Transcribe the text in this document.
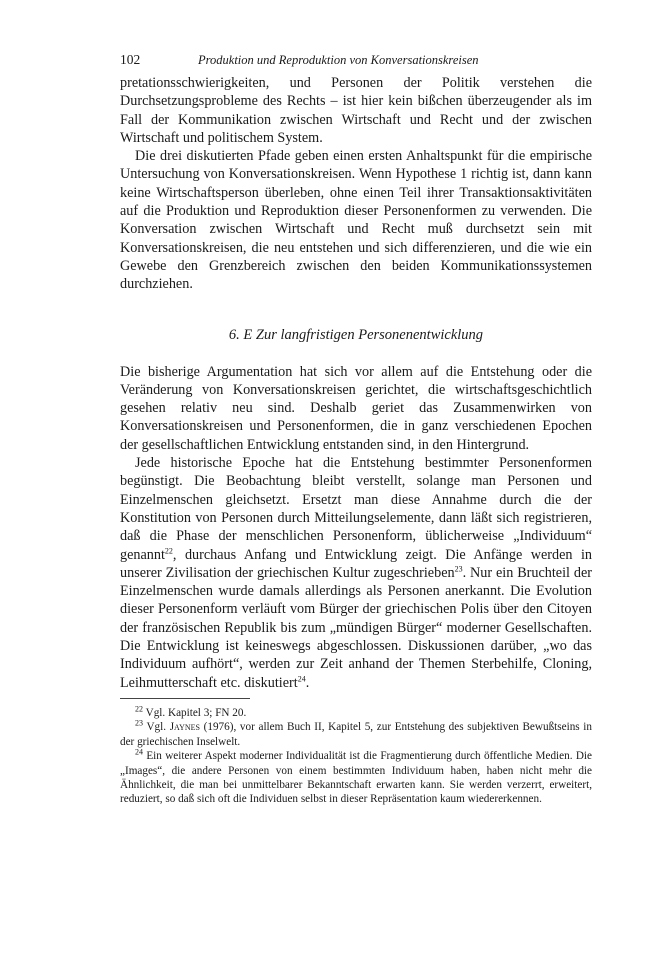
102	Produktion und Reproduktion von Konversationskreisen

pretationsschwierigkeiten, und Personen der Politik verstehen die Durchsetzungsprobleme des Rechts – ist hier kein bißchen überzeugender als im Fall der Kommunikation zwischen Wirtschaft und Recht und der zwischen Wirtschaft und politischem System.

Die drei diskutierten Pfade geben einen ersten Anhaltspunkt für die empirische Untersuchung von Konversationskreisen. Wenn Hypothese 1 richtig ist, dann kann keine Wirtschaftsperson überleben, ohne einen Teil ihrer Transaktionsaktivitäten auf die Produktion und Reproduktion dieser Personenformen zu verwenden. Die Konversation zwischen Wirtschaft und Recht muß durchsetzt sein mit Konversationskreisen, die neu entstehen und sich differenzieren, und die wie ein Gewebe den Grenzbereich zwischen den beiden Kommunikationssystemen durchziehen.

6. E Zur langfristigen Personenentwicklung

Die bisherige Argumentation hat sich vor allem auf die Entstehung oder die Veränderung von Konversationskreisen gerichtet, die wirtschaftsgeschichtlich gesehen relativ neu sind. Deshalb geriet das Zusammenwirken von Konversationskreisen und Personenformen, die in ganz verschiedenen Epochen der gesellschaftlichen Entwicklung entstanden sind, in den Hintergrund.

Jede historische Epoche hat die Entstehung bestimmter Personenformen begünstigt. Die Beobachtung bleibt verstellt, solange man Personen und Einzelmenschen gleichsetzt. Ersetzt man diese Annahme durch die der Konstitution von Personen durch Mitteilungselemente, dann läßt sich registrieren, daß die Phase der menschlichen Personenform, üblicherweise „Individuum“ genannt$^{22}$, durchaus Anfang und Entwicklung zeigt. Die Anfänge werden in unserer Zivilisation der griechischen Kultur zugeschrieben$^{23}$. Nur ein Bruchteil der Einzelmenschen wurde damals allerdings als Personen anerkannt. Die Evolution dieser Personenform verläuft vom Bürger der griechischen Polis über den Citoyen der französischen Republik bis zum „mündigen Bürger“ moderner Gesellschaften. Die Entwicklung ist keineswegs abgeschlossen. Diskussionen darüber, „wo das Individuum aufhört“, werden zur Zeit anhand der Themen Sterbehilfe, Cloning, Leihmutterschaft etc. diskutiert$^{24}$.

$^{22}$ Vgl. Kapitel 3; FN 20.

$^{23}$ Vgl. Jaynes (1976), vor allem Buch II, Kapitel 5, zur Entstehung des subjektiven Bewußtseins in der griechischen Inselwelt.

$^{24}$ Ein weiterer Aspekt moderner Individualität ist die Fragmentierung durch öffentliche Medien. Die „Images“, die andere Personen von einem bestimmten Individuum haben, haben nicht mehr die Ähnlichkeit, die man bei unmittelbarer Bekanntschaft erwarten kann. Sie werden verzerrt, erweitert, reduziert, so daß sich oft die Individuen selbst in dieser Repräsentation kaum wiedererkennen.
